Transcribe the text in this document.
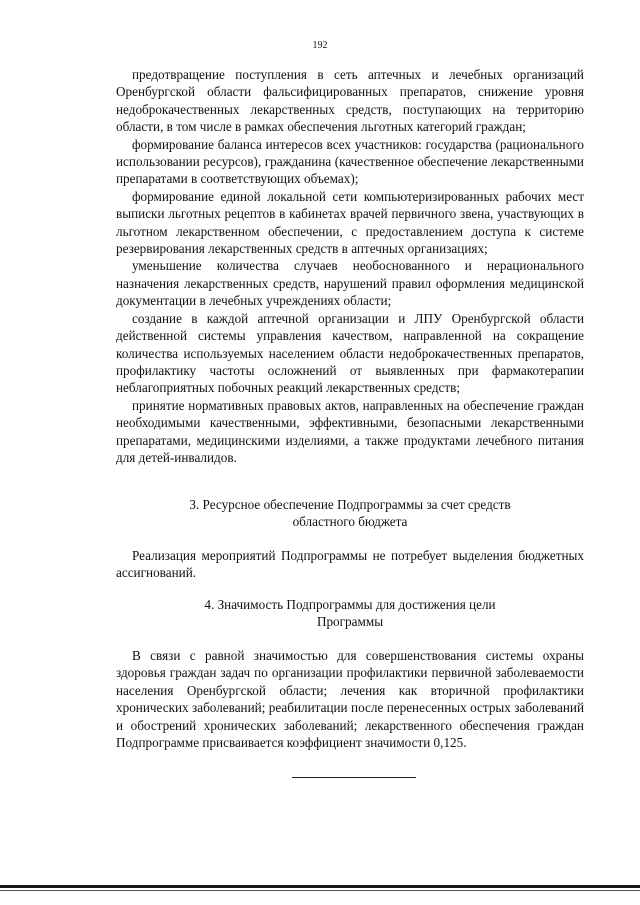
192

предотвращение поступления в сеть аптечных и лечебных организаций Оренбургской области фальсифицированных препаратов, снижение уровня недоброкачественных лекарственных средств, поступающих на территорию области, в том числе в рамках обеспечения льготных категорий граждан;

формирование баланса интересов всех участников: государства (рационального использовании ресурсов), гражданина (качественное обеспечение лекарственными препаратами в соответствующих объемах);

формирование единой локальной сети компьютеризированных рабочих мест выписки льготных рецептов в кабинетах врачей первичного звена, участвующих в льготном лекарственном обеспечении, с предоставлением доступа к системе резервирования лекарственных средств в аптечных организациях;

уменьшение количества случаев необоснованного и нерационального назначения лекарственных средств, нарушений правил оформления медицинской документации в лечебных учреждениях области;

создание в каждой аптечной организации и ЛПУ Оренбургской области действенной системы управления качеством, направленной на сокращение количества используемых населением области недоброкачественных препаратов, профилактику частоты осложнений от выявленных при фармакотерапии неблагоприятных побочных реакций лекарственных средств;

принятие нормативных правовых актов, направленных на обеспечение граждан необходимыми качественными, эффективными, безопасными лекарственными препаратами, медицинскими изделиями, а также продуктами лечебного питания для детей-инвалидов.

3. Ресурсное обеспечение Подпрограммы за счет средств
областного бюджета

Реализация мероприятий Подпрограммы не потребует выделения бюджетных ассигнований.

4. Значимость Подпрограммы для достижения цели
Программы

В связи с равной значимостью для совершенствования системы охраны здоровья граждан задач по организации профилактики первичной заболеваемости населения Оренбургской области; лечения как вторичной профилактики хронических заболеваний; реабилитации после перенесенных острых заболеваний и обострений хронических заболеваний; лекарственного обеспечения граждан Подпрограмме присваивается коэффициент значимости 0,125.
